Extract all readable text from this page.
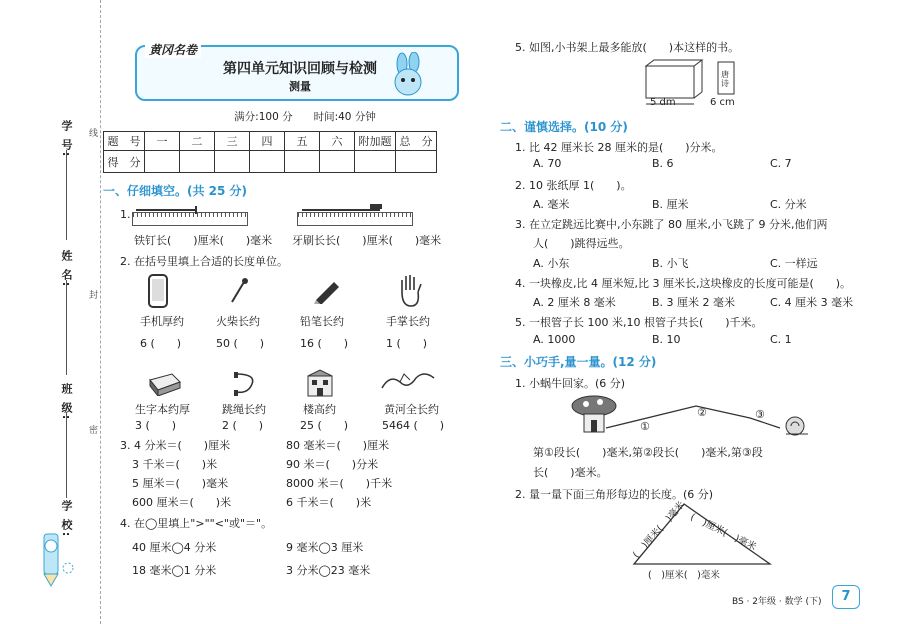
学 号:
姓 名:
班 级:
学 校:
线
封
密
黄冈名卷
第四单元知识回顾与检测
测量
满分:100 分　　时间:40 分钟
题　号	一	二	三	四	五	六	附加题	总　分
得　分								
一、仔细填空。(共 25 分)
1.
铁钉长(　　)厘米(　　)毫米 牙刷长长(　　)厘米(　　)毫米
2. 在括号里填上合适的长度单位。
手机厚约
6 (　　)
火柴长约
50 (　　)
铅笔长约
16 (　　)
手掌长约
1 (　　)
生字本约厚
3 (　　)
跳绳长约
2 (　　)
楼高约
25 (　　)
黄河全长约
5464 (　　)
3. 4 分米＝(　　)厘米	80 毫米＝(　　)厘米
3 千米＝(　　)米	90 米＝(　　)分米
5 厘米＝(　　)毫米	8000 米＝(　　)千米
600 厘米＝(　　)米	6 千米＝(　　)米
4. 在◯里填上">""<"或"＝"。
40 厘米◯4 分米	9 毫米◯3 厘米
18 毫米◯1 分米	3 分米◯23 毫米
5. 如图,小书架上最多能放(　　)本这样的书。
5 dm
唐诗
6 cm
二、谨慎选择。(10 分)
1. 比 42 厘米长 28 厘米的是(　　)分米。
A. 70	B. 6	C. 7
2. 10 张纸厚 1(　　)。
A. 毫米	B. 厘米	C. 分米
3. 在立定跳远比赛中,小东跳了 80 厘米,小飞跳了 9 分米,他们两
人(　　)跳得远些。
A. 小东	B. 小飞	C. 一样远
4. 一块橡皮,比 4 厘米短,比 3 厘米长,这块橡皮的长度可能是(　　)。
A. 2 厘米 8 毫米	B. 3 厘米 2 毫米	C. 4 厘米 3 毫米
5. 一根管子长 100 米,10 根管子共长(　　)千米。
A. 1000	B. 10	C. 1
三、小巧手,量一量。(12 分)
1. 小蜗牛回家。(6 分)
①
②	③
第①段长(　　)毫米,第②段长(　　)毫米,第③段
长(　　)毫米。
2. 量一量下面三角形每边的长度。(6 分)
(　)厘米(　)毫米 (　)厘米(　)毫米
(　)厘米(　)毫米
BS · 2年级 · 数学 (下)	7
